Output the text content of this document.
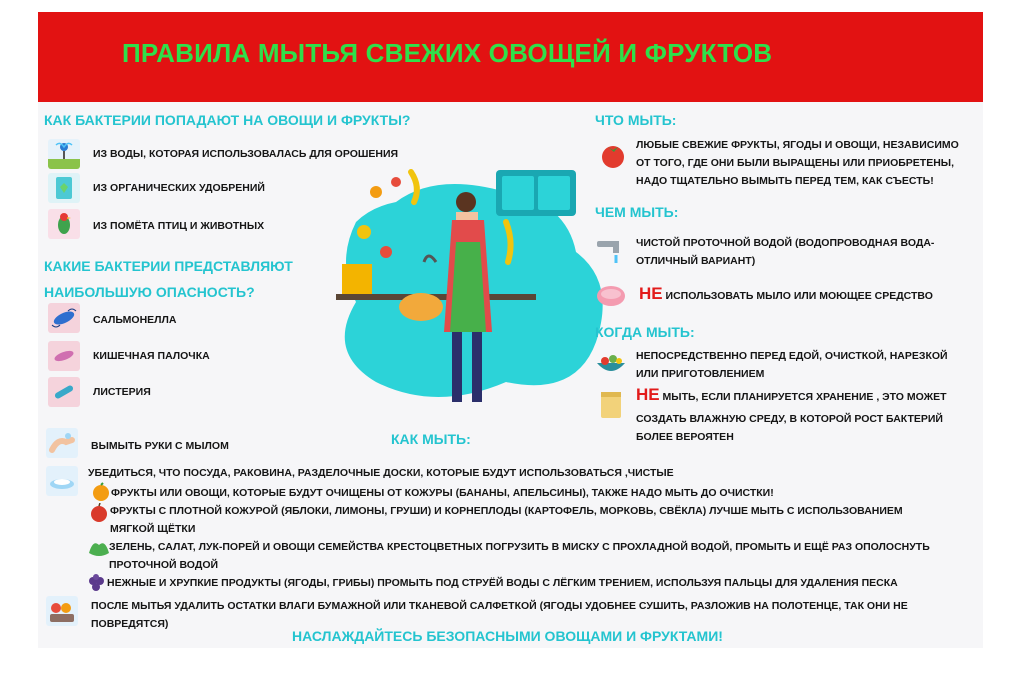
ПРАВИЛА МЫТЬЯ СВЕЖИХ ОВОЩЕЙ И ФРУКТОВ
КАК БАКТЕРИИ ПОПАДАЮТ НА ОВОЩИ И ФРУКТЫ?
ИЗ ВОДЫ, КОТОРАЯ ИСПОЛЬЗОВАЛАСЬ ДЛЯ ОРОШЕНИЯ
ИЗ ОРГАНИЧЕСКИХ УДОБРЕНИЙ
ИЗ ПОМЁТА ПТИЦ И ЖИВОТНЫХ
КАКИЕ БАКТЕРИИ ПРЕДСТАВЛЯЮТ
НАИБОЛЬШУЮ ОПАСНОСТЬ?
САЛЬМОНЕЛЛА
КИШЕЧНАЯ ПАЛОЧКА
ЛИСТЕРИЯ
ЧТО МЫТЬ:
ЛЮБЫЕ СВЕЖИЕ ФРУКТЫ, ЯГОДЫ И ОВОЩИ, НЕЗАВИСИМО
ОТ ТОГО, ГДЕ ОНИ БЫЛИ ВЫРАЩЕНЫ ИЛИ ПРИОБРЕТЕНЫ,
НАДО ТЩАТЕЛЬНО ВЫМЫТЬ ПЕРЕД ТЕМ, КАК СЪЕСТЬ!
ЧЕМ МЫТЬ:
ЧИСТОЙ ПРОТОЧНОЙ ВОДОЙ (ВОДОПРОВОДНАЯ ВОДА-
ОТЛИЧНЫЙ ВАРИАНТ)
НЕ ИСПОЛЬЗОВАТЬ МЫЛО ИЛИ МОЮЩЕЕ СРЕДСТВО
КОГДА МЫТЬ:
НЕПОСРЕДСТВЕННО ПЕРЕД ЕДОЙ, ОЧИСТКОЙ, НАРЕЗКОЙ
ИЛИ ПРИГОТОВЛЕНИЕМ
НЕ МЫТЬ, ЕСЛИ ПЛАНИРУЕТСЯ ХРАНЕНИЕ , ЭТО МОЖЕТ
СОЗДАТЬ ВЛАЖНУЮ СРЕДУ, В КОТОРОЙ РОСТ БАКТЕРИЙ
БОЛЕЕ ВЕРОЯТЕН
КАК МЫТЬ:
ВЫМЫТЬ РУКИ С МЫЛОМ
УБЕДИТЬСЯ, ЧТО ПОСУДА, РАКОВИНА, РАЗДЕЛОЧНЫЕ ДОСКИ, КОТОРЫЕ БУДУТ ИСПОЛЬЗОВАТЬСЯ ,ЧИСТЫЕ
ФРУКТЫ ИЛИ ОВОЩИ, КОТОРЫЕ БУДУТ ОЧИЩЕНЫ ОТ КОЖУРЫ (БАНАНЫ, АПЕЛЬСИНЫ), ТАКЖЕ НАДО МЫТЬ ДО ОЧИСТКИ!
ФРУКТЫ С ПЛОТНОЙ КОЖУРОЙ (ЯБЛОКИ, ЛИМОНЫ, ГРУШИ) И КОРНЕПЛОДЫ (КАРТОФЕЛЬ, МОРКОВЬ, СВЁКЛА) ЛУЧШЕ МЫТЬ С ИСПОЛЬЗОВАНИЕМ
МЯГКОЙ ЩЁТКИ
ЗЕЛЕНЬ, САЛАТ, ЛУК-ПОРЕЙ И ОВОЩИ СЕМЕЙСТВА КРЕСТОЦВЕТНЫХ ПОГРУЗИТЬ В МИСКУ С ПРОХЛАДНОЙ ВОДОЙ, ПРОМЫТЬ И ЕЩЁ РАЗ ОПОЛОСНУТЬ
ПРОТОЧНОЙ ВОДОЙ
НЕЖНЫЕ И ХРУПКИЕ ПРОДУКТЫ (ЯГОДЫ, ГРИБЫ) ПРОМЫТЬ ПОД СТРУЁЙ ВОДЫ С ЛЁГКИМ ТРЕНИЕМ, ИСПОЛЬЗУЯ ПАЛЬЦЫ ДЛЯ УДАЛЕНИЯ ПЕСКА
ПОСЛЕ МЫТЬЯ УДАЛИТЬ ОСТАТКИ ВЛАГИ БУМАЖНОЙ ИЛИ ТКАНЕВОЙ САЛФЕТКОЙ (ЯГОДЫ УДОБНЕЕ СУШИТЬ, РАЗЛОЖИВ НА ПОЛОТЕНЦЕ, ТАК ОНИ НЕ
ПОВРЕДЯТСЯ)
НАСЛАЖДАЙТЕСЬ БЕЗОПАСНЫМИ ОВОЩАМИ И ФРУКТАМИ!
